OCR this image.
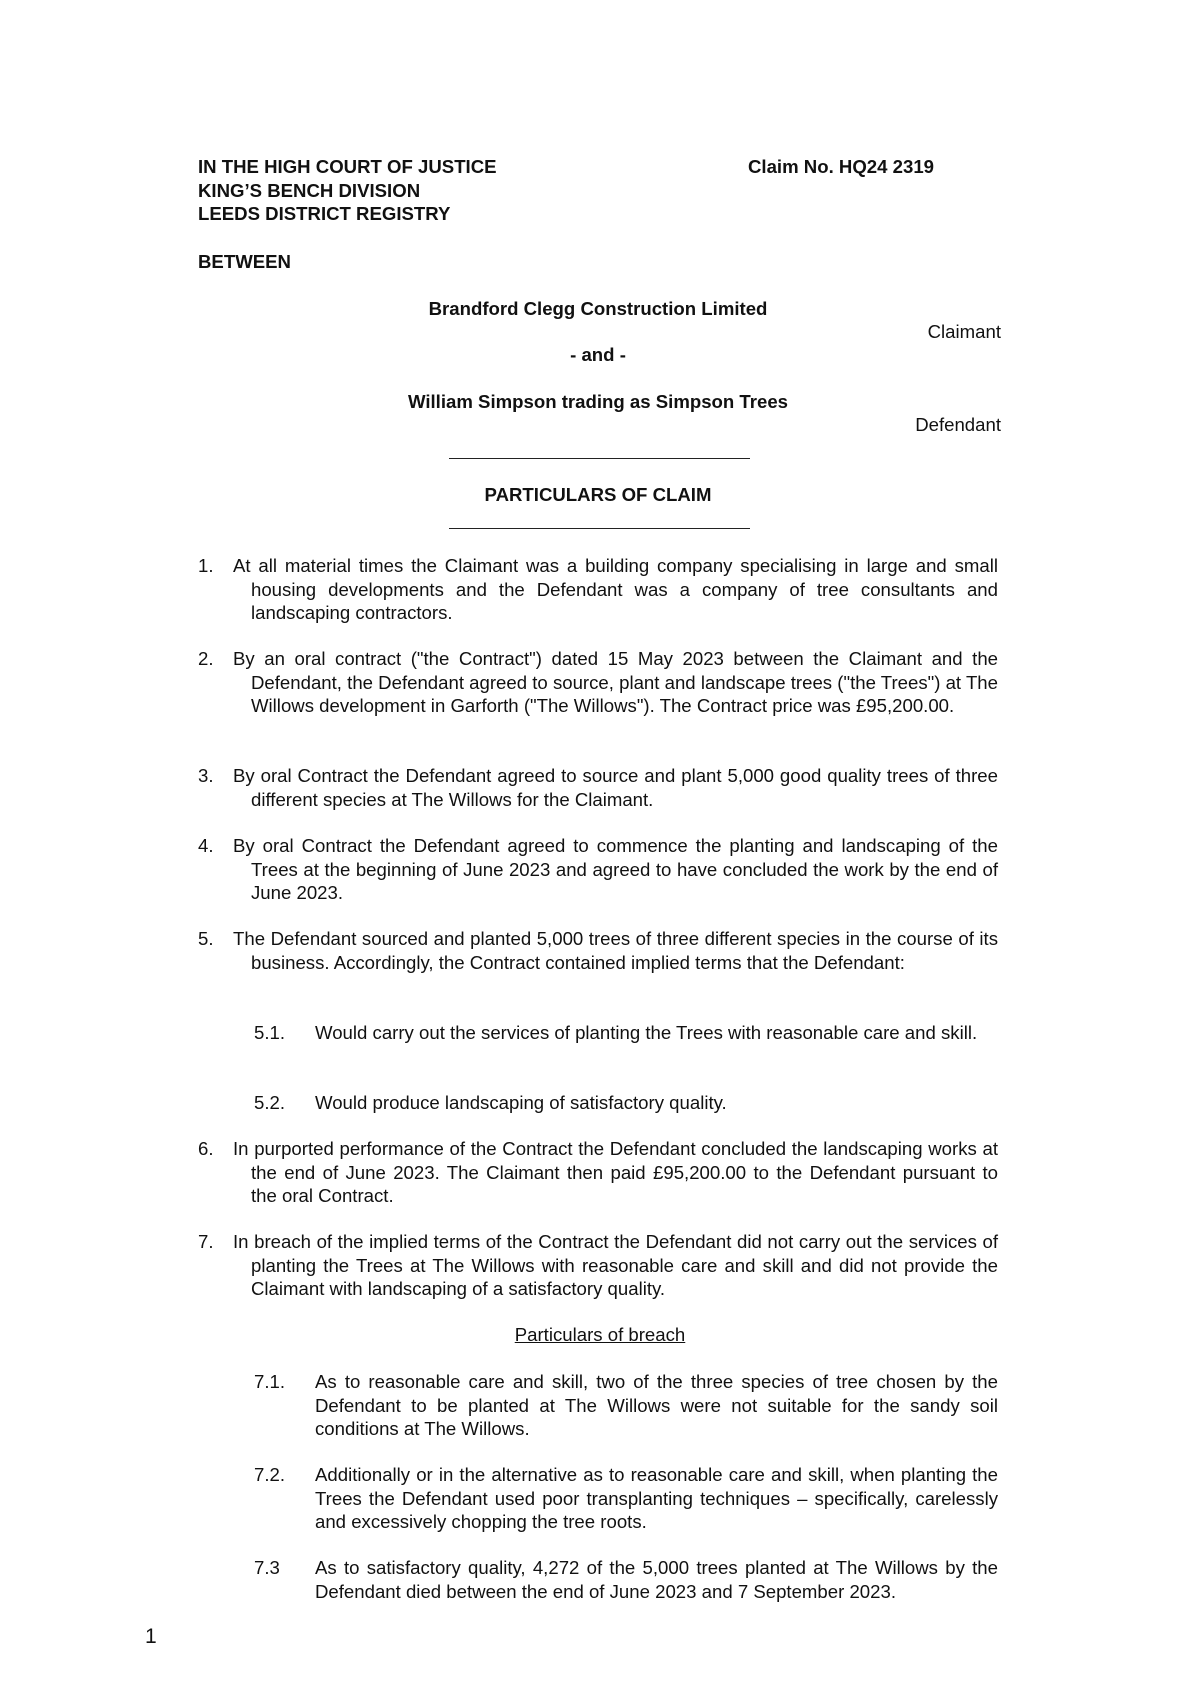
IN THE HIGH COURT OF JUSTICE
KING’S BENCH DIVISION
LEEDS DISTRICT REGISTRY
Claim No. HQ24 2319
BETWEEN
Brandford Clegg Construction Limited
Claimant
- and -
William Simpson trading as Simpson Trees
Defendant
PARTICULARS OF CLAIM
1. At all material times the Claimant was a building company specialising in large and small housing developments and the Defendant was a company of tree consultants and landscaping contractors.
2. By an oral contract ("the Contract") dated 15 May 2023 between the Claimant and the Defendant, the Defendant agreed to source, plant and landscape trees ("the Trees") at The Willows development in Garforth ("The Willows"). The Contract price was £95,200.00.
3. By oral Contract the Defendant agreed to source and plant 5,000 good quality trees of three different species at The Willows for the Claimant.
4. By oral Contract the Defendant agreed to commence the planting and landscaping of the Trees at the beginning of June 2023 and agreed to have concluded the work by the end of June 2023.
5. The Defendant sourced and planted 5,000 trees of three different species in the course of its business. Accordingly, the Contract contained implied terms that the Defendant:
5.1. Would carry out the services of planting the Trees with reasonable care and skill.
5.2. Would produce landscaping of satisfactory quality.
6. In purported performance of the Contract the Defendant concluded the landscaping works at the end of June 2023. The Claimant then paid £95,200.00 to the Defendant pursuant to the oral Contract.
7. In breach of the implied terms of the Contract the Defendant did not carry out the services of planting the Trees at The Willows with reasonable care and skill and did not provide the Claimant with landscaping of a satisfactory quality.
Particulars of breach
7.1. As to reasonable care and skill, two of the three species of tree chosen by the Defendant to be planted at The Willows were not suitable for the sandy soil conditions at The Willows.
7.2. Additionally or in the alternative as to reasonable care and skill, when planting the Trees the Defendant used poor transplanting techniques – specifically, carelessly and excessively chopping the tree roots.
7.3 As to satisfactory quality, 4,272 of the 5,000 trees planted at The Willows by the Defendant died between the end of June 2023 and 7 September 2023.
1
